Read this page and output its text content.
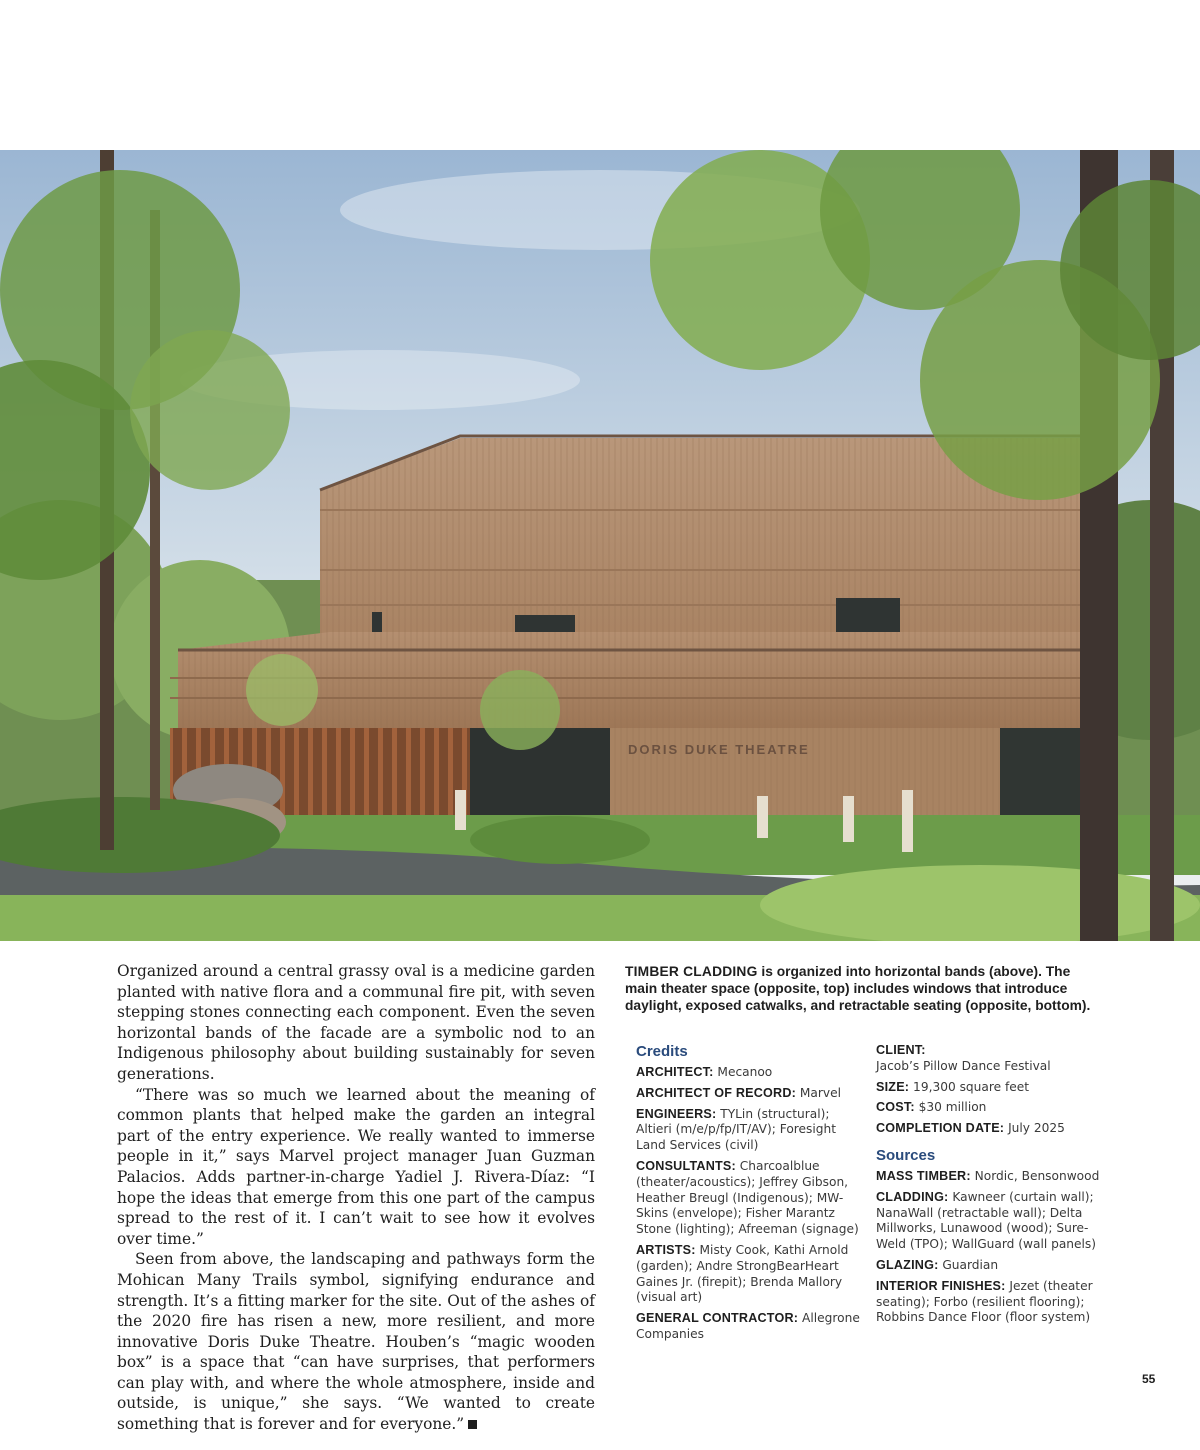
DORIS DUKE THEATRE

Organized around a central grassy oval is a medicine garden planted with native flora and a communal fire pit, with seven stepping stones connecting each component. Even the seven horizontal bands of the facade are a symbolic nod to an Indigenous philosophy about building sustainably for seven generations.

“There was so much we learned about the meaning of common plants that helped make the garden an integral part of the entry experience. We really wanted to immerse people in it,” says Marvel project manager Juan Guzman Palacios. Adds partner-in-charge Yadiel J. Rivera-Díaz: “I hope the ideas that emerge from this one part of the campus spread to the rest of it. I can’t wait to see how it evolves over time.”

Seen from above, the landscaping and pathways form the Mohican Many Trails symbol, signifying endurance and strength. It’s a fitting marker for the site. Out of the ashes of the 2020 fire has risen a new, more resilient, and more innovative Doris Duke Theatre. Houben’s “magic wooden box” is a space that “can have surprises, that performers can play with, and where the whole atmosphere, inside and outside, is unique,” she says. “We wanted to create something that is forever and for everyone.”

TIMBER CLADDING is organized into horizontal bands (above). The main theater space (opposite, top) includes windows that introduce daylight, exposed catwalks, and retractable seating (opposite, bottom).

Credits
ARCHITECT: Mecanoo
ARCHITECT OF RECORD: Marvel
ENGINEERS: TYLin (structural); Altieri (m/e/p/fp/IT/AV); Foresight Land Services (civil)
CONSULTANTS: Charcoalblue (theater/acoustics); Jeffrey Gibson, Heather Breugl (Indigenous); MW-Skins (envelope); Fisher Marantz Stone (lighting); Afreeman (signage)
ARTISTS: Misty Cook, Kathi Arnold (garden); Andre StrongBearHeart Gaines Jr. (firepit); Brenda Mallory (visual art)
GENERAL CONTRACTOR: Allegrone Companies
CLIENT:
Jacob’s Pillow Dance Festival
SIZE: 19,300 square feet
COST: $30 million
COMPLETION DATE: July 2025
Sources
MASS TIMBER: Nordic, Bensonwood
CLADDING: Kawneer (curtain wall); NanaWall (retractable wall); Delta Millworks, Lunawood (wood); Sure-Weld (TPO); WallGuard (wall panels)
GLAZING: Guardian
INTERIOR FINISHES: Jezet (theater seating); Forbo (resilient flooring); Robbins Dance Floor (floor system)
55
